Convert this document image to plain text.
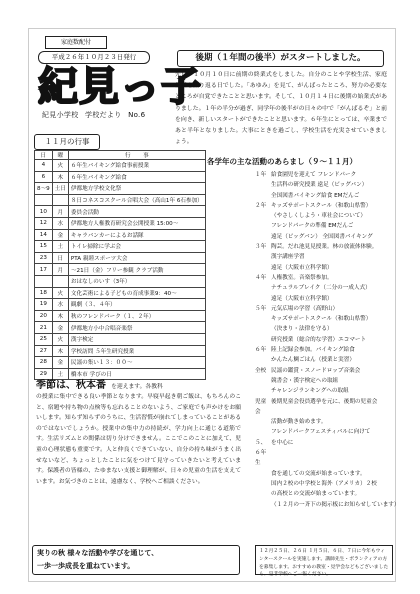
家庭数配付
平成２６年１０月２３日発行
紀見っ子
紀見小学校 学校だより No.6
後期（１年間の後半）がスタートしました。
先日、１０月１０日に前期の終業式をしました。自分のことや学校生活、家庭生活を振り返る日でした。「あゆみ」を見て、がんばったところ、努力の必要なところが自覚できたことと思います。そして、１０月１４日に後期の始業式がありました。１年の半分が過ぎ、同学年の後半がの日々の中で「がんばるぞ」と前を向き、新しいスタートができたことと思います。６年生にとっては、卒業まであと半年となりました。大事にときを過ごし、学校生活を充実させていきましょう。
１１月の行事
日	曜	行 事
4	火	６年生バイキング給食事前授業
6	木	６年生バイキング給食
8～9	土日	伊都地方学校文化祭
		８日コネスコスクール合唱大会（高山1年 6石参加）
10	月	委員会活動
12	水	伊都地方人権教育研究会公開授業 15:00～
14	金	キャラバンカーによるお話隊
15	土	トイレ掃除に学ぶ会
23	日	PTA 親睦スポーツ大会
17	月	～21日（金）フリー参観 クラブ活動
		おはなしのいす（3年）
18	火	文化芸術による子どもの育成事業9：40～
19	水	観劇（３、４年）
20	木	秋のフレンドパーク（１、２年）
21	金	伊都地方小中合唱音楽祭
25	火	漢字検定
27	木	学校訪問 ５年生研究授業
28	金	民謡の集い１３：００～
29	土	橋本市 学びの日
各学年の主な活動のあらまし（９～１１月）
１年 給食園児を迎えて フレンドパーク
生活科の研究授業 遠足（ビッグバン）
全国図書バイキング給食 EMだんご
２年 キッズサポートスクール（和歌山県警）
（やさしくしよう・車社会について）
フレンドパークの準備 EMだんご
遠足（ビッグバン） 全国図書バイキング
３年 陶芸。だれ池見見授業。林の放流体体験。
漢字講座学習
遠足（大阪市立科学館）
４年 人権教室。音楽祭参加。
ナチュラルブレイク（二分の一成人式）
遠足（大阪市立科学館）
５年 元気広場の学習（高野山）
キッズサポートスクール（和歌山県警）
（決まり・法律を守る）
研究授業（総合的な学習）エコマート
６年 陸上記録会参加。バイキング給食
かんたん鯛ごはん（授業と実習）
全校 民謡の鑑賞・スノードロップ音楽会
競書会・漢字検定への取組
チャレンジランキングへの取組
児童会
後期児童会役員選挙を元に、後期の児童会
活動が動き始めます。
フレンドパークフェスティバルに向けて
５、６年生
を中心に
食を通しての交流が始まっています。
国内２校の中学校と海外（アメリカ）２校
の高校との交流が始まっています。
（１２月の一斉下の掲示板にお知らせしています）
１２月２５日、２６日 １月５日、６日、７日に今年もウィンタースクールを実施します。講師先生・ボランティアの方を募集します。おすすめの教室・見学会などもございましたら、是非学校へご一報ください。
季節は、秋本番 を迎えます。各教科
の授業に集中できる良い季節となります。早寝早起き朝ご飯は、もちろんのこと、宿題や持ち物の点検等も忘れることのないよう、ご家庭でも声かけをお願いします。知らず知らずのうちに、生活習慣が崩れてしまっていることがあるのではないでしょうか。授業中の集中力の持続が、学力向上に通じる道筋です。生活リズムとの関係は切り分けできません。ここでこのことに加えて、児童の心理状態も重要です。人と仲良くできていない、自分の持ち味がうまく出せないなど、ちょっとしたことに気をつけて見守っていきたいと考えています。保護者の皆様の、たゆまない支援と御理解が、日々の児童の生活を支えています。お気づきのことは、遠慮なく、学校へご相談ください。
実りの秋 様々な活動や学びを通じて、
一歩一歩成長を重ねています。
